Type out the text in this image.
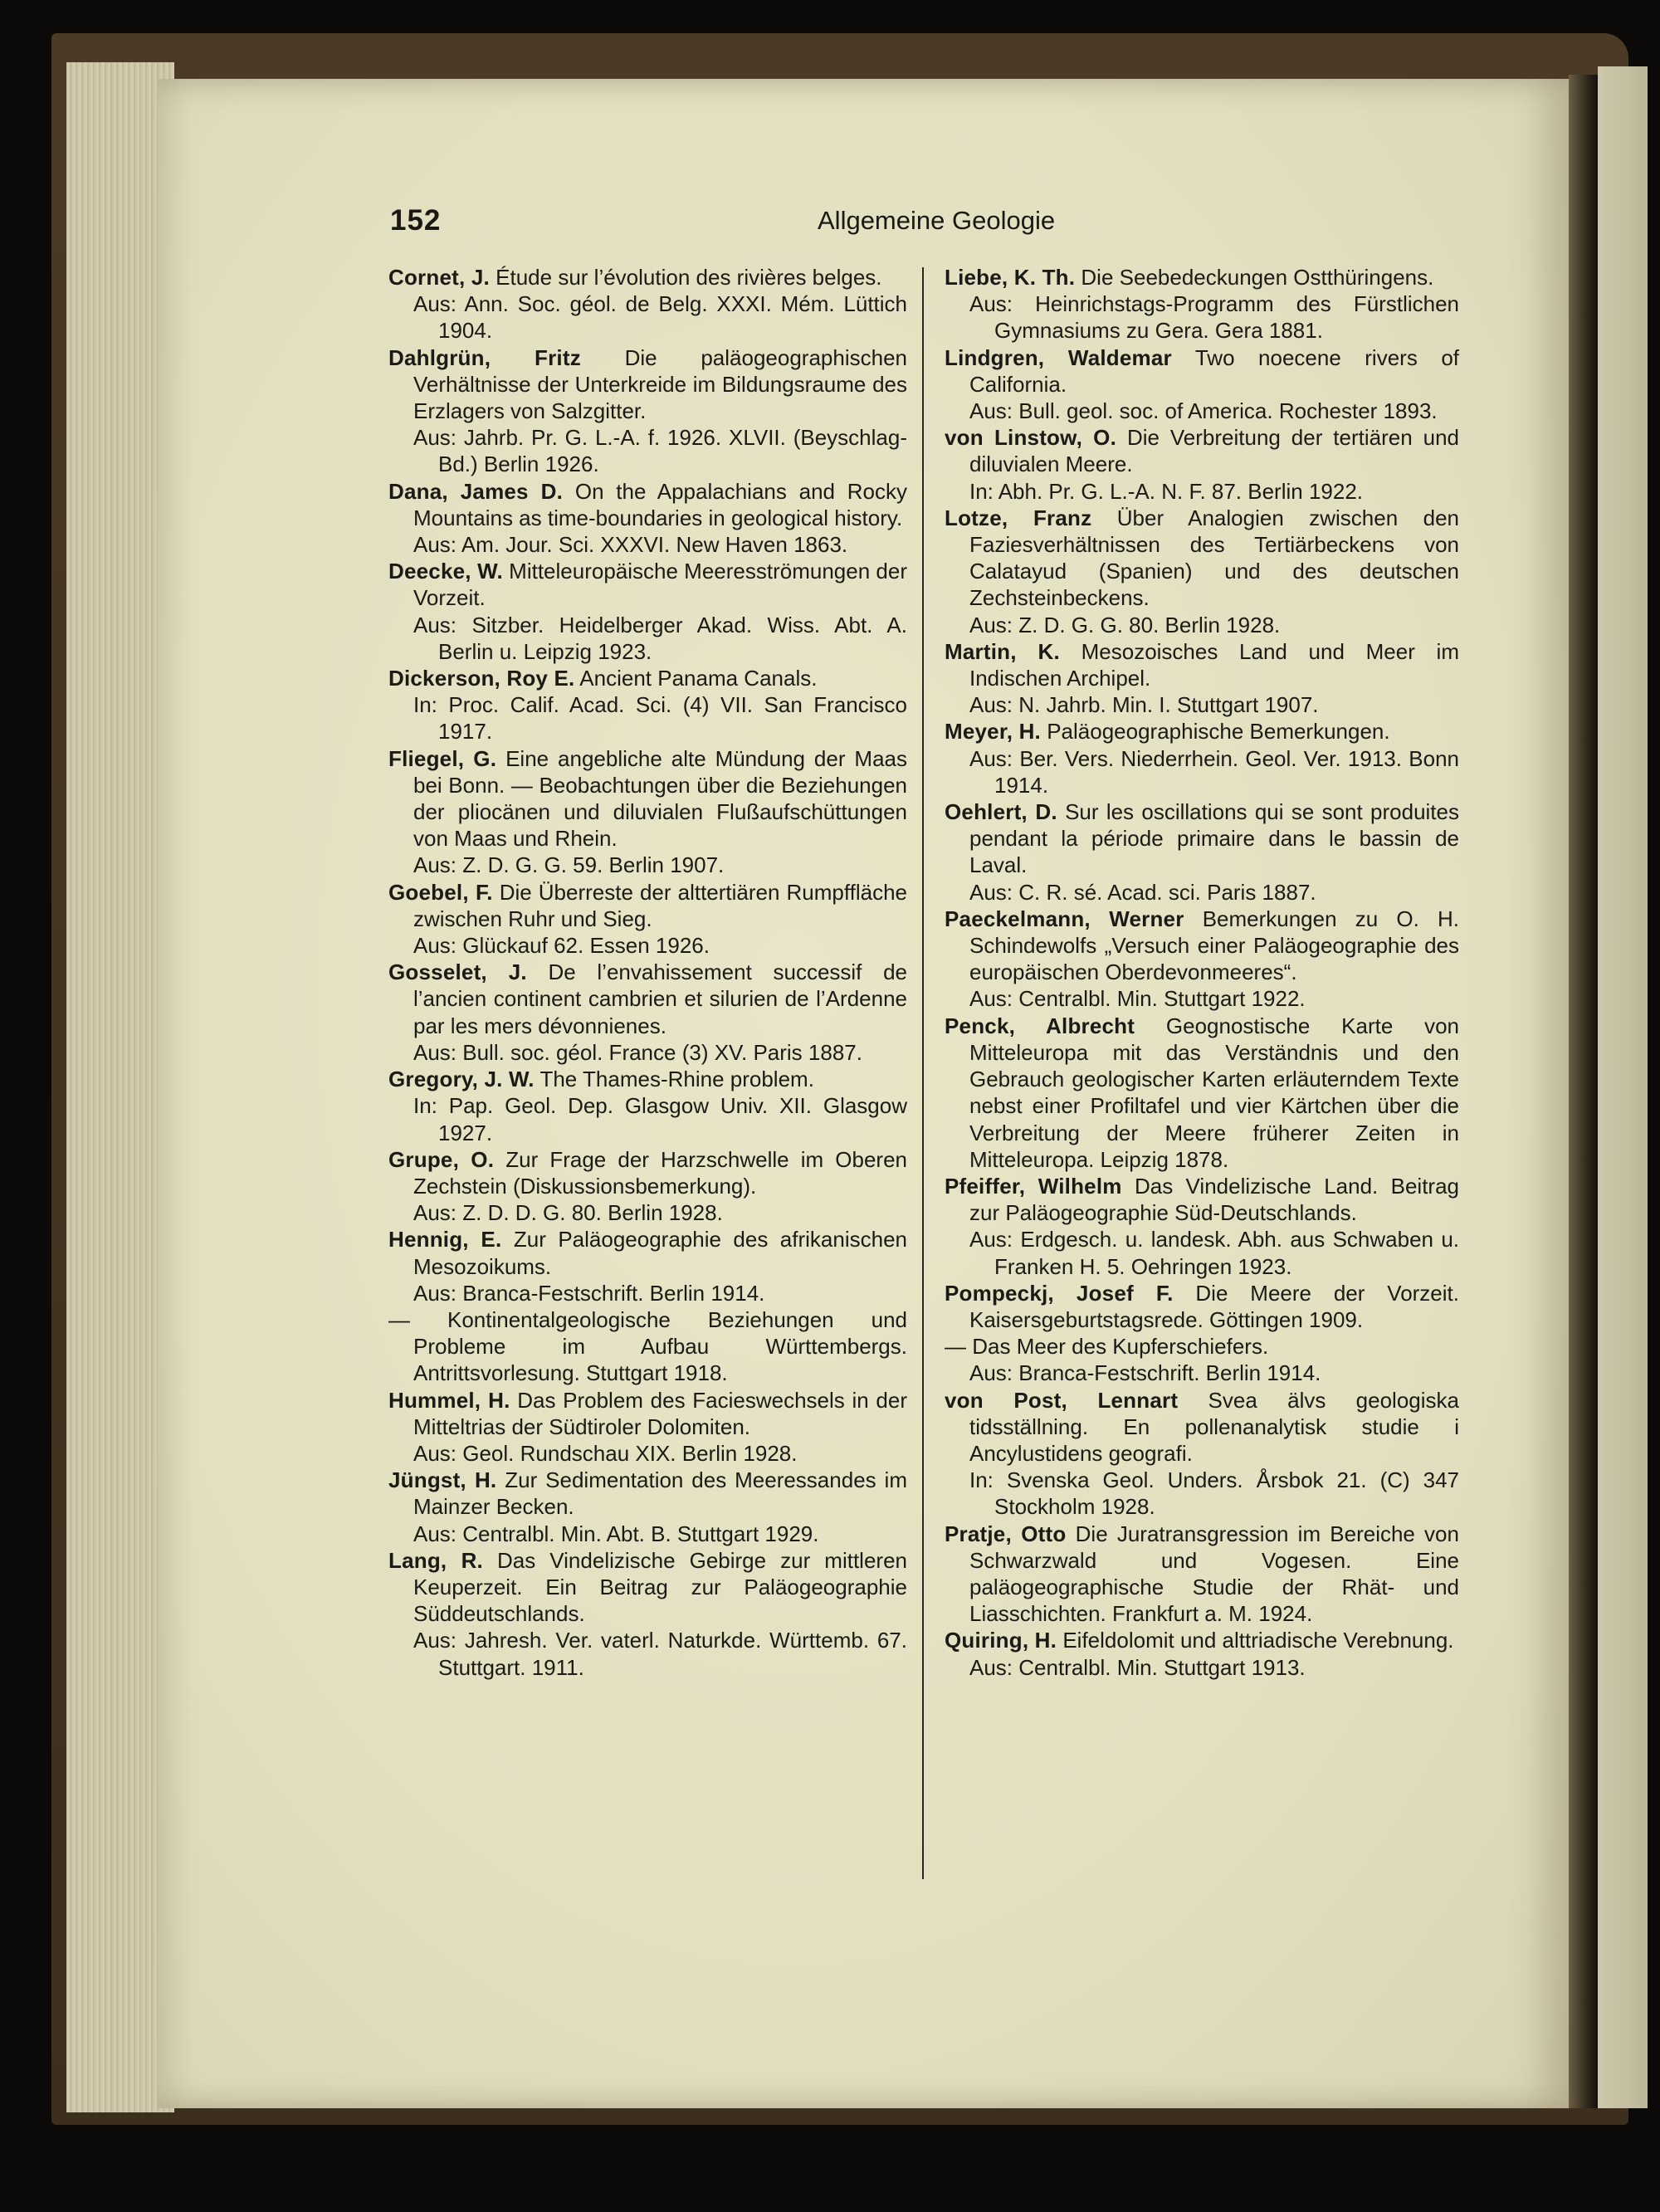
152	Allgemeine Geologie
Cornet, J. Étude sur l’évolution des rivières belges.
Aus: Ann. Soc. géol. de Belg. XXXI. Mém. Lüttich 1904.
Dahlgrün, Fritz Die paläogeographischen Verhältnisse der Unterkreide im Bildungsraume des Erzlagers von Salzgitter.
Aus: Jahrb. Pr. G. L.-A. f. 1926. XLVII. (Beyschlag-Bd.) Berlin 1926.
Dana, James D. On the Appalachians and Rocky Mountains as time-boundaries in geological history.
Aus: Am. Jour. Sci. XXXVI. New Haven 1863.
Deecke, W. Mitteleuropäische Meeresströmungen der Vorzeit.
Aus: Sitzber. Heidelberger Akad. Wiss. Abt. A. Berlin u. Leipzig 1923.
Dickerson, Roy E. Ancient Panama Canals.
In: Proc. Calif. Acad. Sci. (4) VII. San Francisco 1917.
Fliegel, G. Eine angebliche alte Mündung der Maas bei Bonn. — Beobachtungen über die Beziehungen der pliocänen und diluvialen Flußaufschüttungen von Maas und Rhein.
Aus: Z. D. G. G. 59. Berlin 1907.
Goebel, F. Die Überreste der alttertiären Rumpffläche zwischen Ruhr und Sieg.
Aus: Glückauf 62. Essen 1926.
Gosselet, J. De l’envahissement successif de l’ancien continent cambrien et silurien de l’Ardenne par les mers dévonnienes.
Aus: Bull. soc. géol. France (3) XV. Paris 1887.
Gregory, J. W. The Thames-Rhine problem.
In: Pap. Geol. Dep. Glasgow Univ. XII. Glasgow 1927.
Grupe, O. Zur Frage der Harzschwelle im Oberen Zechstein (Diskussionsbemerkung).
Aus: Z. D. D. G. 80. Berlin 1928.
Hennig, E. Zur Paläogeographie des afrikanischen Mesozoikums.
Aus: Branca-Festschrift. Berlin 1914.
— Kontinentalgeologische Beziehungen und Probleme im Aufbau Württembergs. Antrittsvorlesung. Stuttgart 1918.
Hummel, H. Das Problem des Facieswechsels in der Mitteltrias der Südtiroler Dolomiten.
Aus: Geol. Rundschau XIX. Berlin 1928.
Jüngst, H. Zur Sedimentation des Meeressandes im Mainzer Becken.
Aus: Centralbl. Min. Abt. B. Stuttgart 1929.
Lang, R. Das Vindelizische Gebirge zur mittleren Keuperzeit. Ein Beitrag zur Paläogeographie Süddeutschlands.
Aus: Jahresh. Ver. vaterl. Naturkde. Württemb. 67. Stuttgart. 1911.
Liebe, K. Th. Die Seebedeckungen Ostthüringens.
Aus: Heinrichstags-Programm des Fürstlichen Gymnasiums zu Gera. Gera 1881.
Lindgren, Waldemar Two noecene rivers of California.
Aus: Bull. geol. soc. of America. Rochester 1893.
von Linstow, O. Die Verbreitung der tertiären und diluvialen Meere.
In: Abh. Pr. G. L.-A. N. F. 87. Berlin 1922.
Lotze, Franz Über Analogien zwischen den Faziesverhältnissen des Tertiärbeckens von Calatayud (Spanien) und des deutschen Zechsteinbeckens.
Aus: Z. D. G. G. 80. Berlin 1928.
Martin, K. Mesozoisches Land und Meer im Indischen Archipel.
Aus: N. Jahrb. Min. I. Stuttgart 1907.
Meyer, H. Paläogeographische Bemerkungen.
Aus: Ber. Vers. Niederrhein. Geol. Ver. 1913. Bonn 1914.
Oehlert, D. Sur les oscillations qui se sont produites pendant la période primaire dans le bassin de Laval.
Aus: C. R. sé. Acad. sci. Paris 1887.
Paeckelmann, Werner Bemerkungen zu O. H. Schindewolfs „Versuch einer Paläogeographie des europäischen Oberdevonmeeres“.
Aus: Centralbl. Min. Stuttgart 1922.
Penck, Albrecht Geognostische Karte von Mitteleuropa mit das Verständnis und den Gebrauch geologischer Karten erläuterndem Texte nebst einer Profiltafel und vier Kärtchen über die Verbreitung der Meere früherer Zeiten in Mitteleuropa. Leipzig 1878.
Pfeiffer, Wilhelm Das Vindelizische Land. Beitrag zur Paläogeographie Süd-Deutschlands.
Aus: Erdgesch. u. landesk. Abh. aus Schwaben u. Franken H. 5. Oehringen 1923.
Pompeckj, Josef F. Die Meere der Vorzeit. Kaisersgeburtstagsrede. Göttingen 1909.
— Das Meer des Kupferschiefers.
Aus: Branca-Festschrift. Berlin 1914.
von Post, Lennart Svea älvs geologiska tidsställning. En pollenanalytisk studie i Ancylustidens geografi.
In: Svenska Geol. Unders. Årsbok 21. (C) 347 Stockholm 1928.
Pratje, Otto Die Juratransgression im Bereiche von Schwarzwald und Vogesen. Eine paläogeographische Studie der Rhät- und Liasschichten. Frankfurt a. M. 1924.
Quiring, H. Eifeldolomit und alttriadische Verebnung.
Aus: Centralbl. Min. Stuttgart 1913.
